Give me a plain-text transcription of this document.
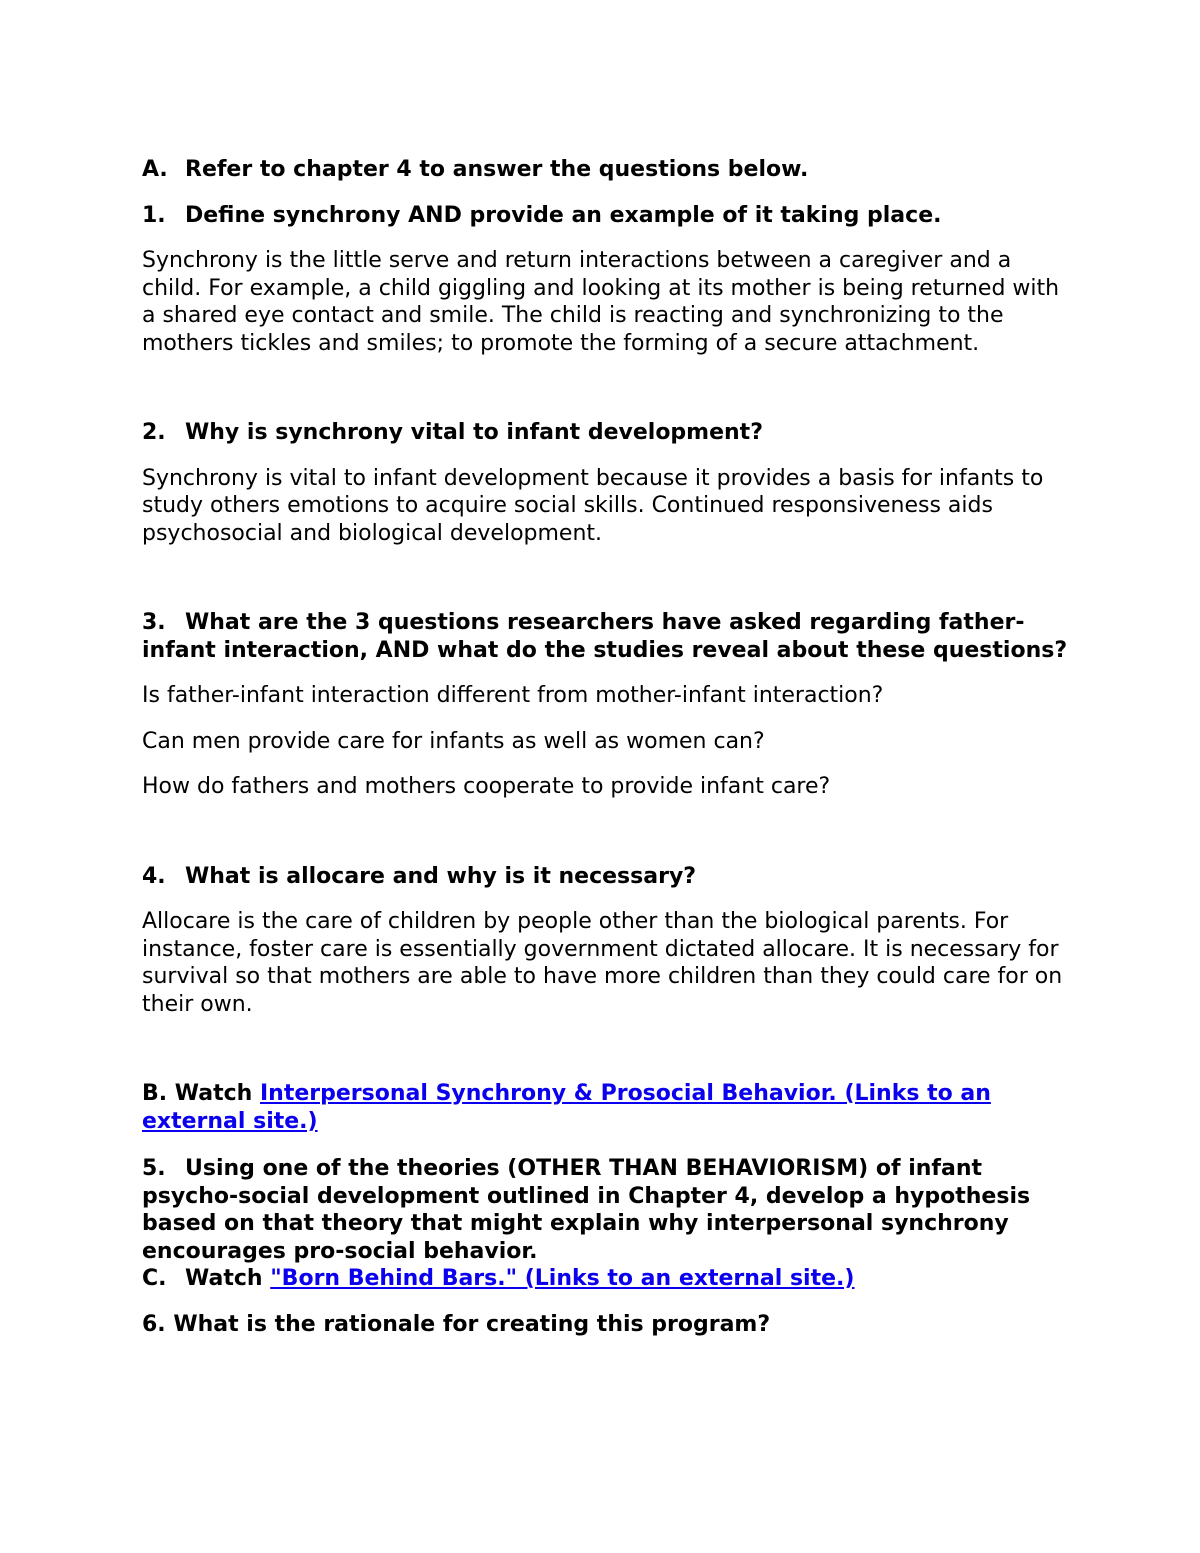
A. Refer to chapter 4 to answer the questions below.

1. Define synchrony AND provide an example of it taking place.

Synchrony is the little serve and return interactions between a caregiver and a child. For example, a child giggling and looking at its mother is being returned with a shared eye contact and smile. The child is reacting and synchronizing to the mothers tickles and smiles; to promote the forming of a secure attachment.

2. Why is synchrony vital to infant development?

Synchrony is vital to infant development because it provides a basis for infants to study others emotions to acquire social skills. Continued responsiveness aids psychosocial and biological development.

3. What are the 3 questions researchers have asked regarding father-infant interaction, AND what do the studies reveal about these questions?

Is father-infant interaction different from mother-infant interaction?

Can men provide care for infants as well as women can?

How do fathers and mothers cooperate to provide infant care?

4. What is allocare and why is it necessary?

Allocare is the care of children by people other than the biological parents. For instance, foster care is essentially government dictated allocare. It is necessary for survival so that mothers are able to have more children than they could care for on their own.

B. Watch Interpersonal Synchrony & Prosocial Behavior. (Links to an external site.)

5. Using one of the theories (OTHER THAN BEHAVIORISM) of infant psycho-social development outlined in Chapter 4, develop a hypothesis based on that theory that might explain why interpersonal synchrony encourages pro-social behavior.

C. Watch "Born Behind Bars." (Links to an external site.)

6. What is the rationale for creating this program?
